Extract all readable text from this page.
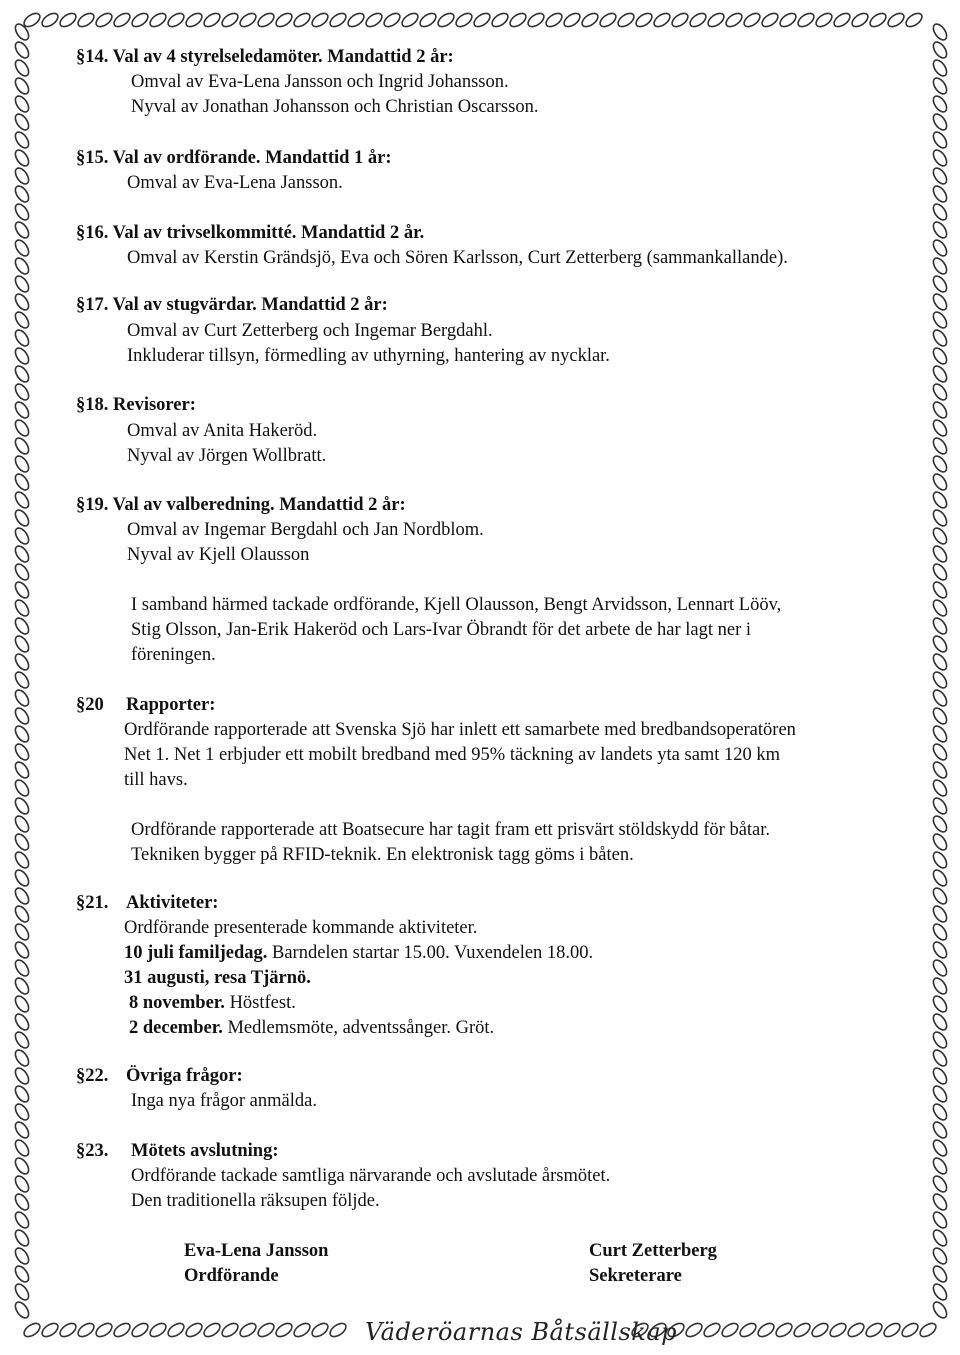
§14. Val av 4 styrelseledamöter. Mandattid 2 år:
Omval av Eva-Lena Jansson och Ingrid Johansson.
Nyval av Jonathan Johansson och Christian Oscarsson.
§15. Val av ordförande. Mandattid 1 år:
Omval av Eva-Lena Jansson.
§16. Val av trivselkommitté. Mandattid 2 år.
Omval av Kerstin Grändsjö, Eva och Sören Karlsson, Curt Zetterberg (sammankallande).
§17. Val av stugvärdar. Mandattid 2 år:
Omval av Curt Zetterberg och Ingemar Bergdahl.
Inkluderar tillsyn, förmedling av uthyrning, hantering av nycklar.
§18. Revisorer:
Omval av Anita Hakeröd.
Nyval av Jörgen Wollbratt.
§19. Val av valberedning. Mandattid 2 år:
Omval av Ingemar Bergdahl och Jan Nordblom.
Nyval av Kjell Olausson
I samband härmed tackade ordförande, Kjell Olausson, Bengt Arvidsson, Lennart Lööv,
Stig Olsson, Jan-Erik Hakeröd och Lars-Ivar Öbrandt för det arbete de har lagt ner i
föreningen.
§20 Rapporter:
Ordförande rapporterade att Svenska Sjö har inlett ett samarbete med bredbandsoperatören
Net 1. Net 1 erbjuder ett mobilt bredband med 95% täckning av landets yta samt 120 km
till havs.
Ordförande rapporterade att Boatsecure har tagit fram ett prisvärt stöldskydd för båtar.
Tekniken bygger på RFID-teknik. En elektronisk tagg göms i båten.
§21. Aktiviteter:
Ordförande presenterade kommande aktiviteter.
10 juli familjedag. Barndelen startar 15.00. Vuxendelen 18.00.
31 augusti, resa Tjärnö.
8 november. Höstfest.
2 december. Medlemsmöte, adventssånger. Gröt.
§22. Övriga frågor:
Inga nya frågor anmälda.
§23. Mötets avslutning:
Ordförande tackade samtliga närvarande och avslutade årsmötet.
Den traditionella räksupen följde.
Eva-Lena Jansson
Ordförande
Curt Zetterberg
Sekreterare
Väderöarnas Båtsällskap
